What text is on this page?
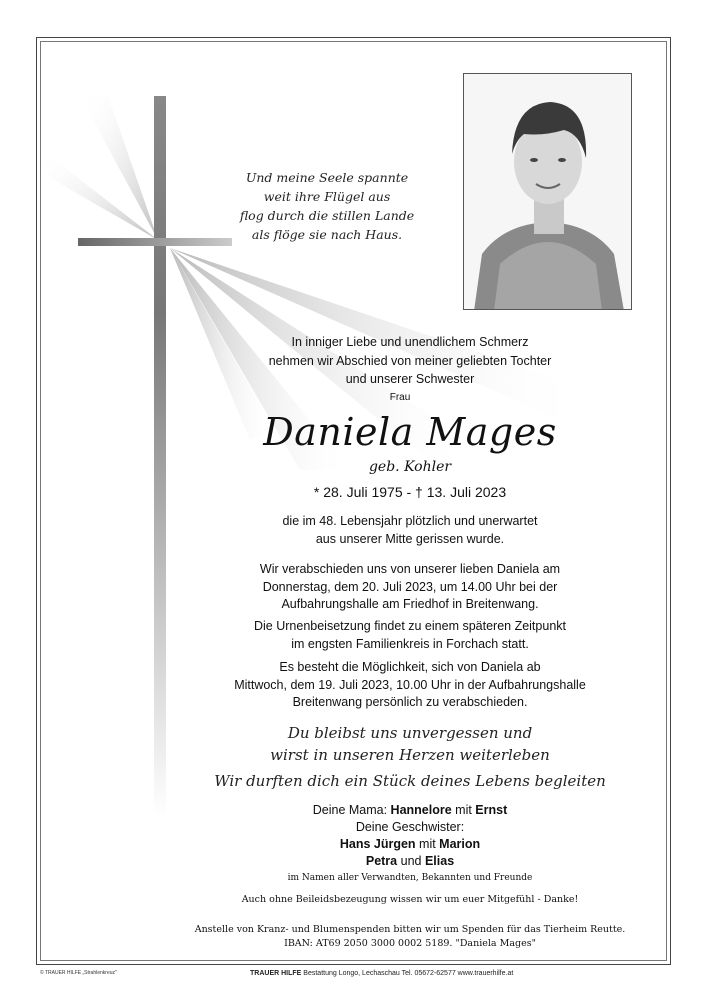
Und meine Seele spannte
weit ihre Flügel aus
flog durch die stillen Lande
als flöge sie nach Haus.
In inniger Liebe und unendlichem Schmerz
nehmen wir Abschied von meiner geliebten Tochter
und unserer Schwester
Frau
Daniela Mages
geb. Kohler
* 28. Juli 1975 - † 13. Juli 2023
die im 48. Lebensjahr plötzlich und unerwartet
aus unserer Mitte gerissen wurde.
Wir verabschieden uns von unserer lieben Daniela am
Donnerstag, dem 20. Juli 2023, um 14.00 Uhr bei der
Aufbahrungshalle am Friedhof in Breitenwang.
Die Urnenbeisetzung findet zu einem späteren Zeitpunkt
im engsten Familienkreis in Forchach statt.
Es besteht die Möglichkeit, sich von Daniela ab
Mittwoch, dem 19. Juli 2023, 10.00 Uhr in der Aufbahrungshalle
Breitenwang persönlich zu verabschieden.
Du bleibst uns unvergessen und
wirst in unseren Herzen weiterleben
Wir durften dich ein Stück deines Lebens begleiten
Deine Mama: Hannelore mit Ernst
Deine Geschwister:
Hans Jürgen mit Marion
Petra und Elias
im Namen aller Verwandten, Bekannten und Freunde
Auch ohne Beileidsbezeugung wissen wir um euer Mitgefühl - Danke!
Anstelle von Kranz- und Blumenspenden bitten wir um Spenden für das Tierheim Reutte.
IBAN: AT69 2050 3000 0002 5189. "Daniela Mages"
© TRAUER HILFE „Strahlenkreuz"	TRAUER HILFE Bestattung Longo, Lechaschau Tel. 05672-62577 www.trauerhilfe.at
